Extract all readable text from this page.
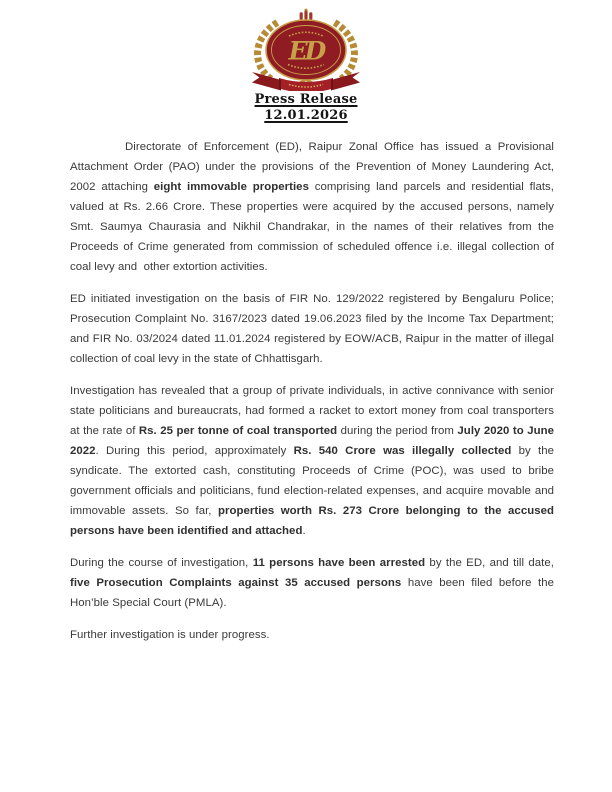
ED
Press Release
12.01.2026

Directorate of Enforcement (ED), Raipur Zonal Office has issued a Provisional Attachment Order (PAO) under the provisions of the Prevention of Money Laundering Act, 2002 attaching eight immovable properties comprising land parcels and residential flats, valued at Rs. 2.66 Crore. These properties were acquired by the accused persons, namely Smt. Saumya Chaurasia and Nikhil Chandrakar, in the names of their relatives from the Proceeds of Crime generated from commission of scheduled offence i.e. illegal collection of coal levy and  other extortion activities.

ED initiated investigation on the basis of FIR No. 129/2022 registered by Bengaluru Police; Prosecution Complaint No. 3167/2023 dated 19.06.2023 filed by the Income Tax Department; and FIR No. 03/2024 dated 11.01.2024 registered by EOW/ACB, Raipur in the matter of illegal collection of coal levy in the state of Chhattisgarh.

Investigation has revealed that a group of private individuals, in active connivance with senior state politicians and bureaucrats, had formed a racket to extort money from coal transporters at the rate of Rs. 25 per tonne of coal transported during the period from July 2020 to June 2022. During this period, approximately Rs. 540 Crore was illegally collected by the syndicate. The extorted cash, constituting Proceeds of Crime (POC), was used to bribe government officials and politicians, fund election-related expenses, and acquire movable and immovable assets. So far, properties worth Rs. 273 Crore belonging to the accused persons have been identified and attached.

During the course of investigation, 11 persons have been arrested by the ED, and till date, five Prosecution Complaints against 35 accused persons have been filed before the Hon’ble Special Court (PMLA).

Further investigation is under progress.
